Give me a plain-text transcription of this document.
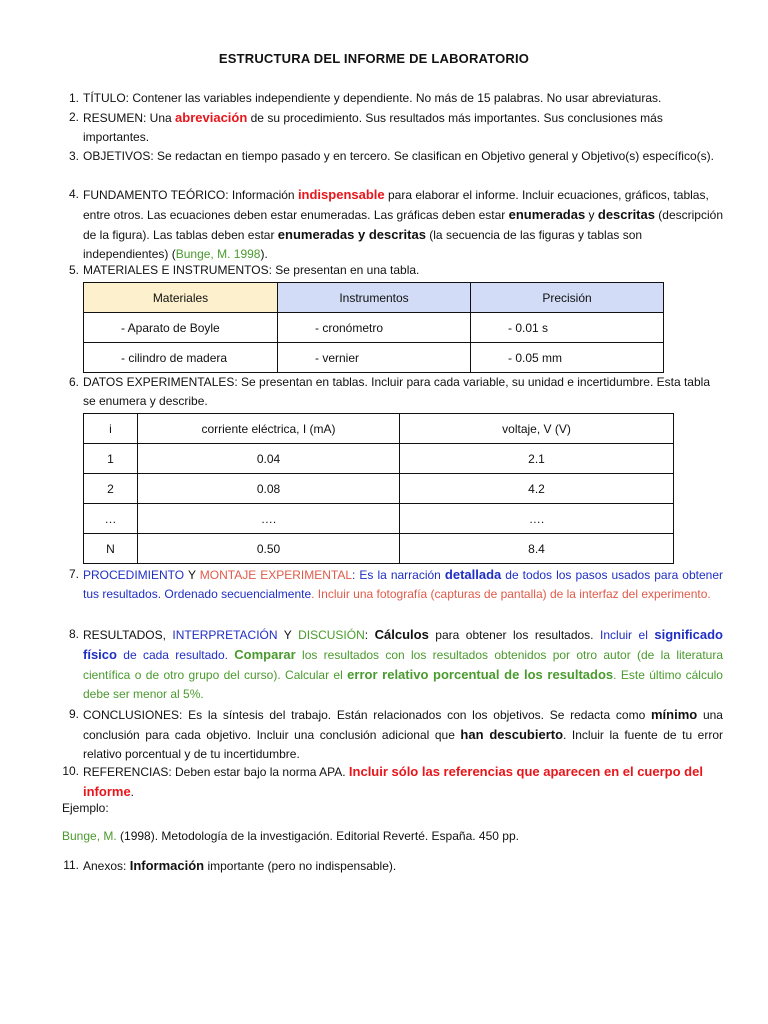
ESTRUCTURA DEL INFORME DE LABORATORIO
1. TÍTULO: Contener las variables independiente y dependiente. No más de 15 palabras. No usar abreviaturas.
2. RESUMEN: Una abreviación de su procedimiento. Sus resultados más importantes. Sus conclusiones más importantes.
3. OBJETIVOS: Se redactan en tiempo pasado y en tercero. Se clasifican en Objetivo general y Objetivo(s) específico(s).
4. FUNDAMENTO TEÓRICO: Información indispensable para elaborar el informe. Incluir ecuaciones, gráficos, tablas, entre otros. Las ecuaciones deben estar enumeradas. Las gráficas deben estar enumeradas y descritas (descripción de la figura). Las tablas deben estar enumeradas y descritas (la secuencia de las figuras y tablas son independientes) (Bunge, M. 1998).
5. MATERIALES E INSTRUMENTOS: Se presentan en una tabla.
Materiales	Instrumentos	Precisión
- Aparato de Boyle	- cronómetro	- 0.01 s
- cilindro de madera	- vernier	- 0.05 mm
6. DATOS EXPERIMENTALES: Se presentan en tablas. Incluir para cada variable, su unidad e incertidumbre. Esta tabla se enumera y describe.
i	corriente eléctrica, I (mA)	voltaje, V (V)
1	0.04	2.1
2	0.08	4.2
…	….	….
N	0.50	8.4
7. PROCEDIMIENTO Y MONTAJE EXPERIMENTAL: Es la narración detallada de todos los pasos usados para obtener tus resultados. Ordenado secuencialmente. Incluir una fotografía (capturas de pantalla) de la interfaz del experimento.
8. RESULTADOS, INTERPRETACIÓN Y DISCUSIÓN: Cálculos para obtener los resultados. Incluir el significado físico de cada resultado. Comparar los resultados con los resultados obtenidos por otro autor (de la literatura científica o de otro grupo del curso). Calcular el error relativo porcentual de los resultados. Este último cálculo debe ser menor al 5%.
9. CONCLUSIONES: Es la síntesis del trabajo. Están relacionados con los objetivos. Se redacta como mínimo una conclusión para cada objetivo. Incluir una conclusión adicional que han descubierto. Incluir la fuente de tu error relativo porcentual y de tu incertidumbre.
10. REFERENCIAS: Deben estar bajo la norma APA. Incluir sólo las referencias que aparecen en el cuerpo del informe.
Ejemplo:
Bunge, M. (1998). Metodología de la investigación. Editorial Reverté. España. 450 pp.
11. Anexos: Información importante (pero no indispensable).
